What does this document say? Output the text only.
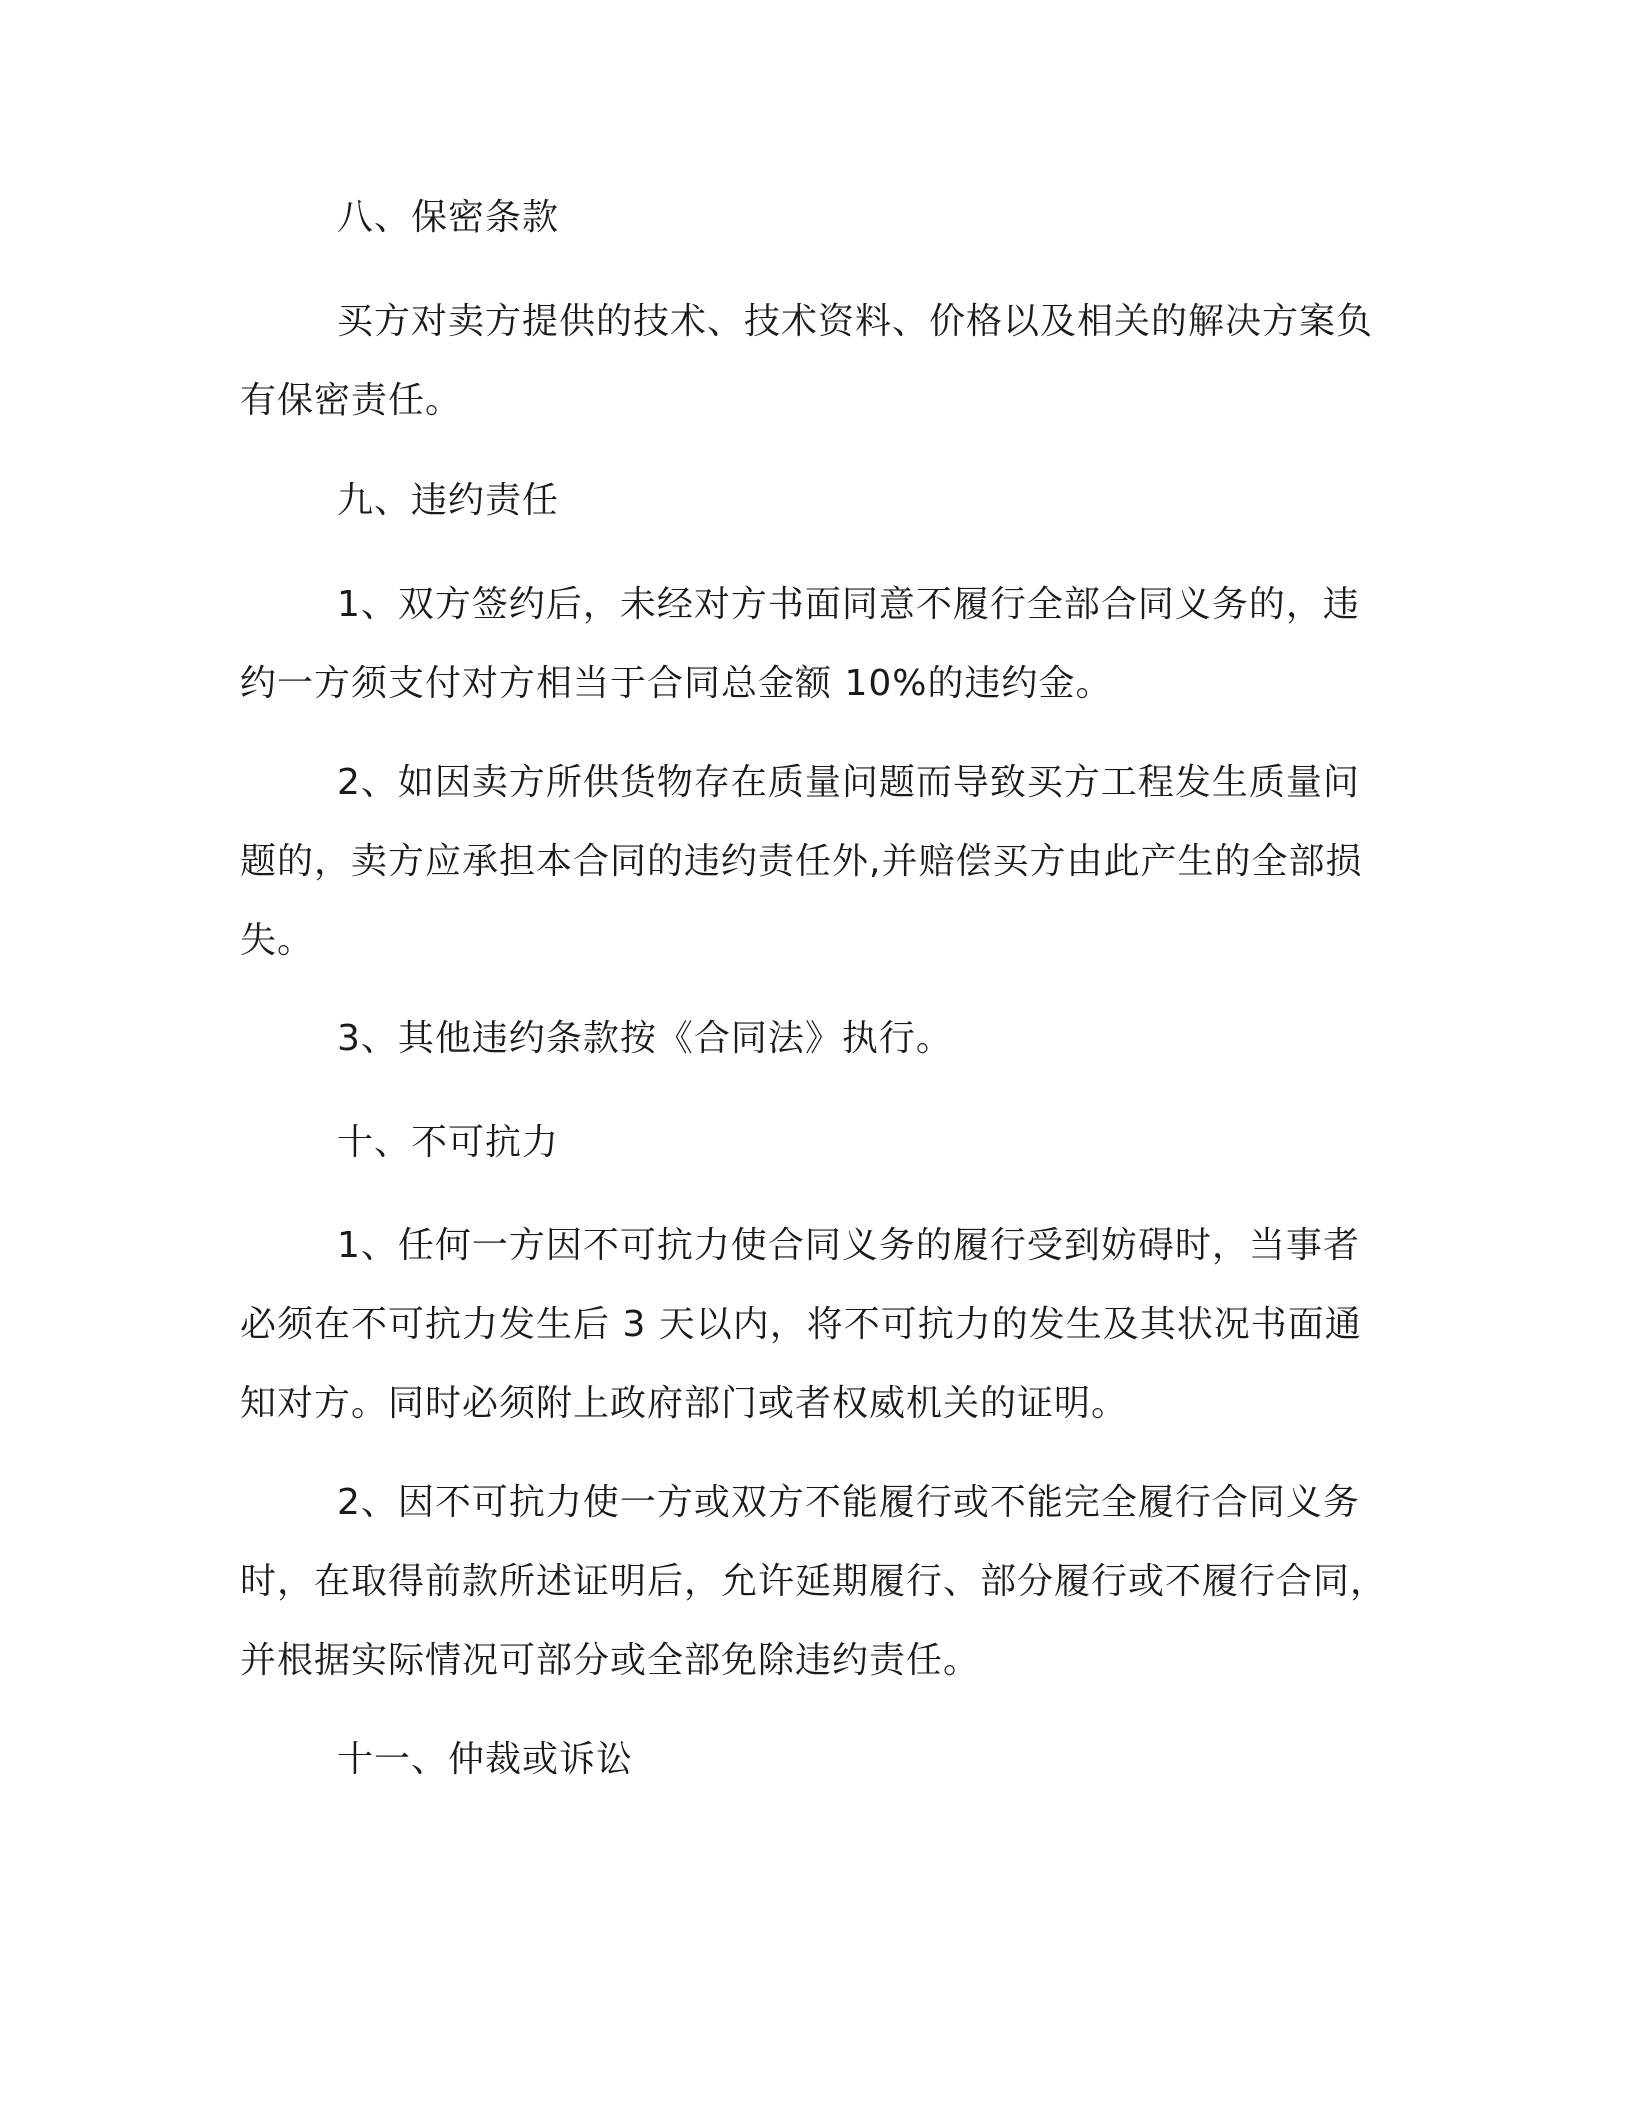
八、保密条款
买方对卖方提供的技术、技术资料、价格以及相关的解决方案负
有保密责任。
九、违约责任
1、双方签约后，未经对方书面同意不履行全部合同义务的，违
约一方须支付对方相当于合同总金额 10%的违约金。
2、如因卖方所供货物存在质量问题而导致买方工程发生质量问
题的，卖方应承担本合同的违约责任外,并赔偿买方由此产生的全部损
失。
3、其他违约条款按《合同法》执行。
十、不可抗力
1、任何一方因不可抗力使合同义务的履行受到妨碍时，当事者
必须在不可抗力发生后 3 天以内，将不可抗力的发生及其状况书面通
知对方。同时必须附上政府部门或者权威机关的证明。
2、因不可抗力使一方或双方不能履行或不能完全履行合同义务
时，在取得前款所述证明后，允许延期履行、部分履行或不履行合同，
并根据实际情况可部分或全部免除违约责任。
十一、仲裁或诉讼
